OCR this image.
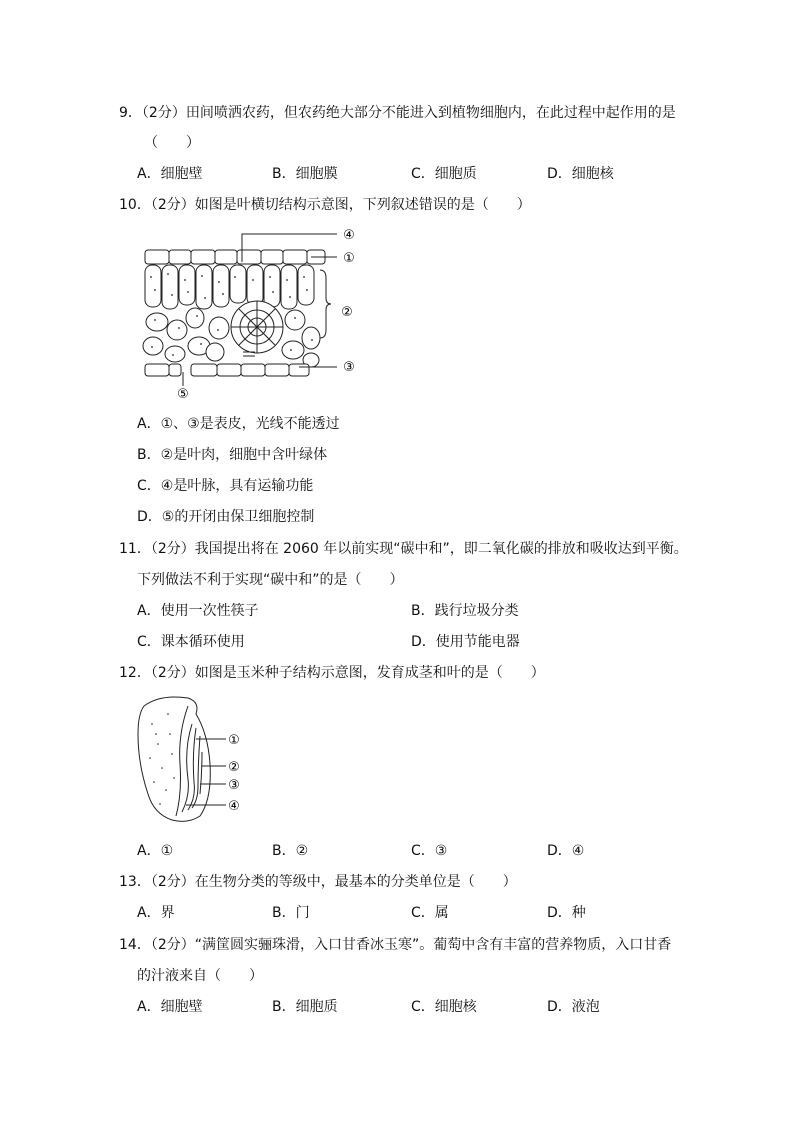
9．（2分）田间喷洒农药，但农药绝大部分不能进入到植物细胞内，在此过程中起作用的是
（　　）
A．细胞壁	B．细胞膜	C．细胞质	D．细胞核
10．（2分）如图是叶横切结构示意图，下列叙述错误的是（　　）
④
①
②
③
⑤
A．①、③是表皮，光线不能透过
B．②是叶肉，细胞中含叶绿体
C．④是叶脉，具有运输功能
D．⑤的开闭由保卫细胞控制
11．（2分）我国提出将在 2060 年以前实现“碳中和”，即二氧化碳的排放和吸收达到平衡。
下列做法不利于实现“碳中和”的是（　　）
A．使用一次性筷子	B．践行垃圾分类
C．课本循环使用	D．使用节能电器
12．（2分）如图是玉米种子结构示意图，发育成茎和叶的是（　　）
①
②
③
④
A．①	B．②	C．③	D．④
13．（2分）在生物分类的等级中，最基本的分类单位是（　　）
A．界	B．门	C．属	D．种
14．（2分）“满筐圆实骊珠滑，入口甘香冰玉寒”。葡萄中含有丰富的营养物质，入口甘香
的汁液来自（　　）
A．细胞壁	B．细胞质	C．细胞核	D．液泡
